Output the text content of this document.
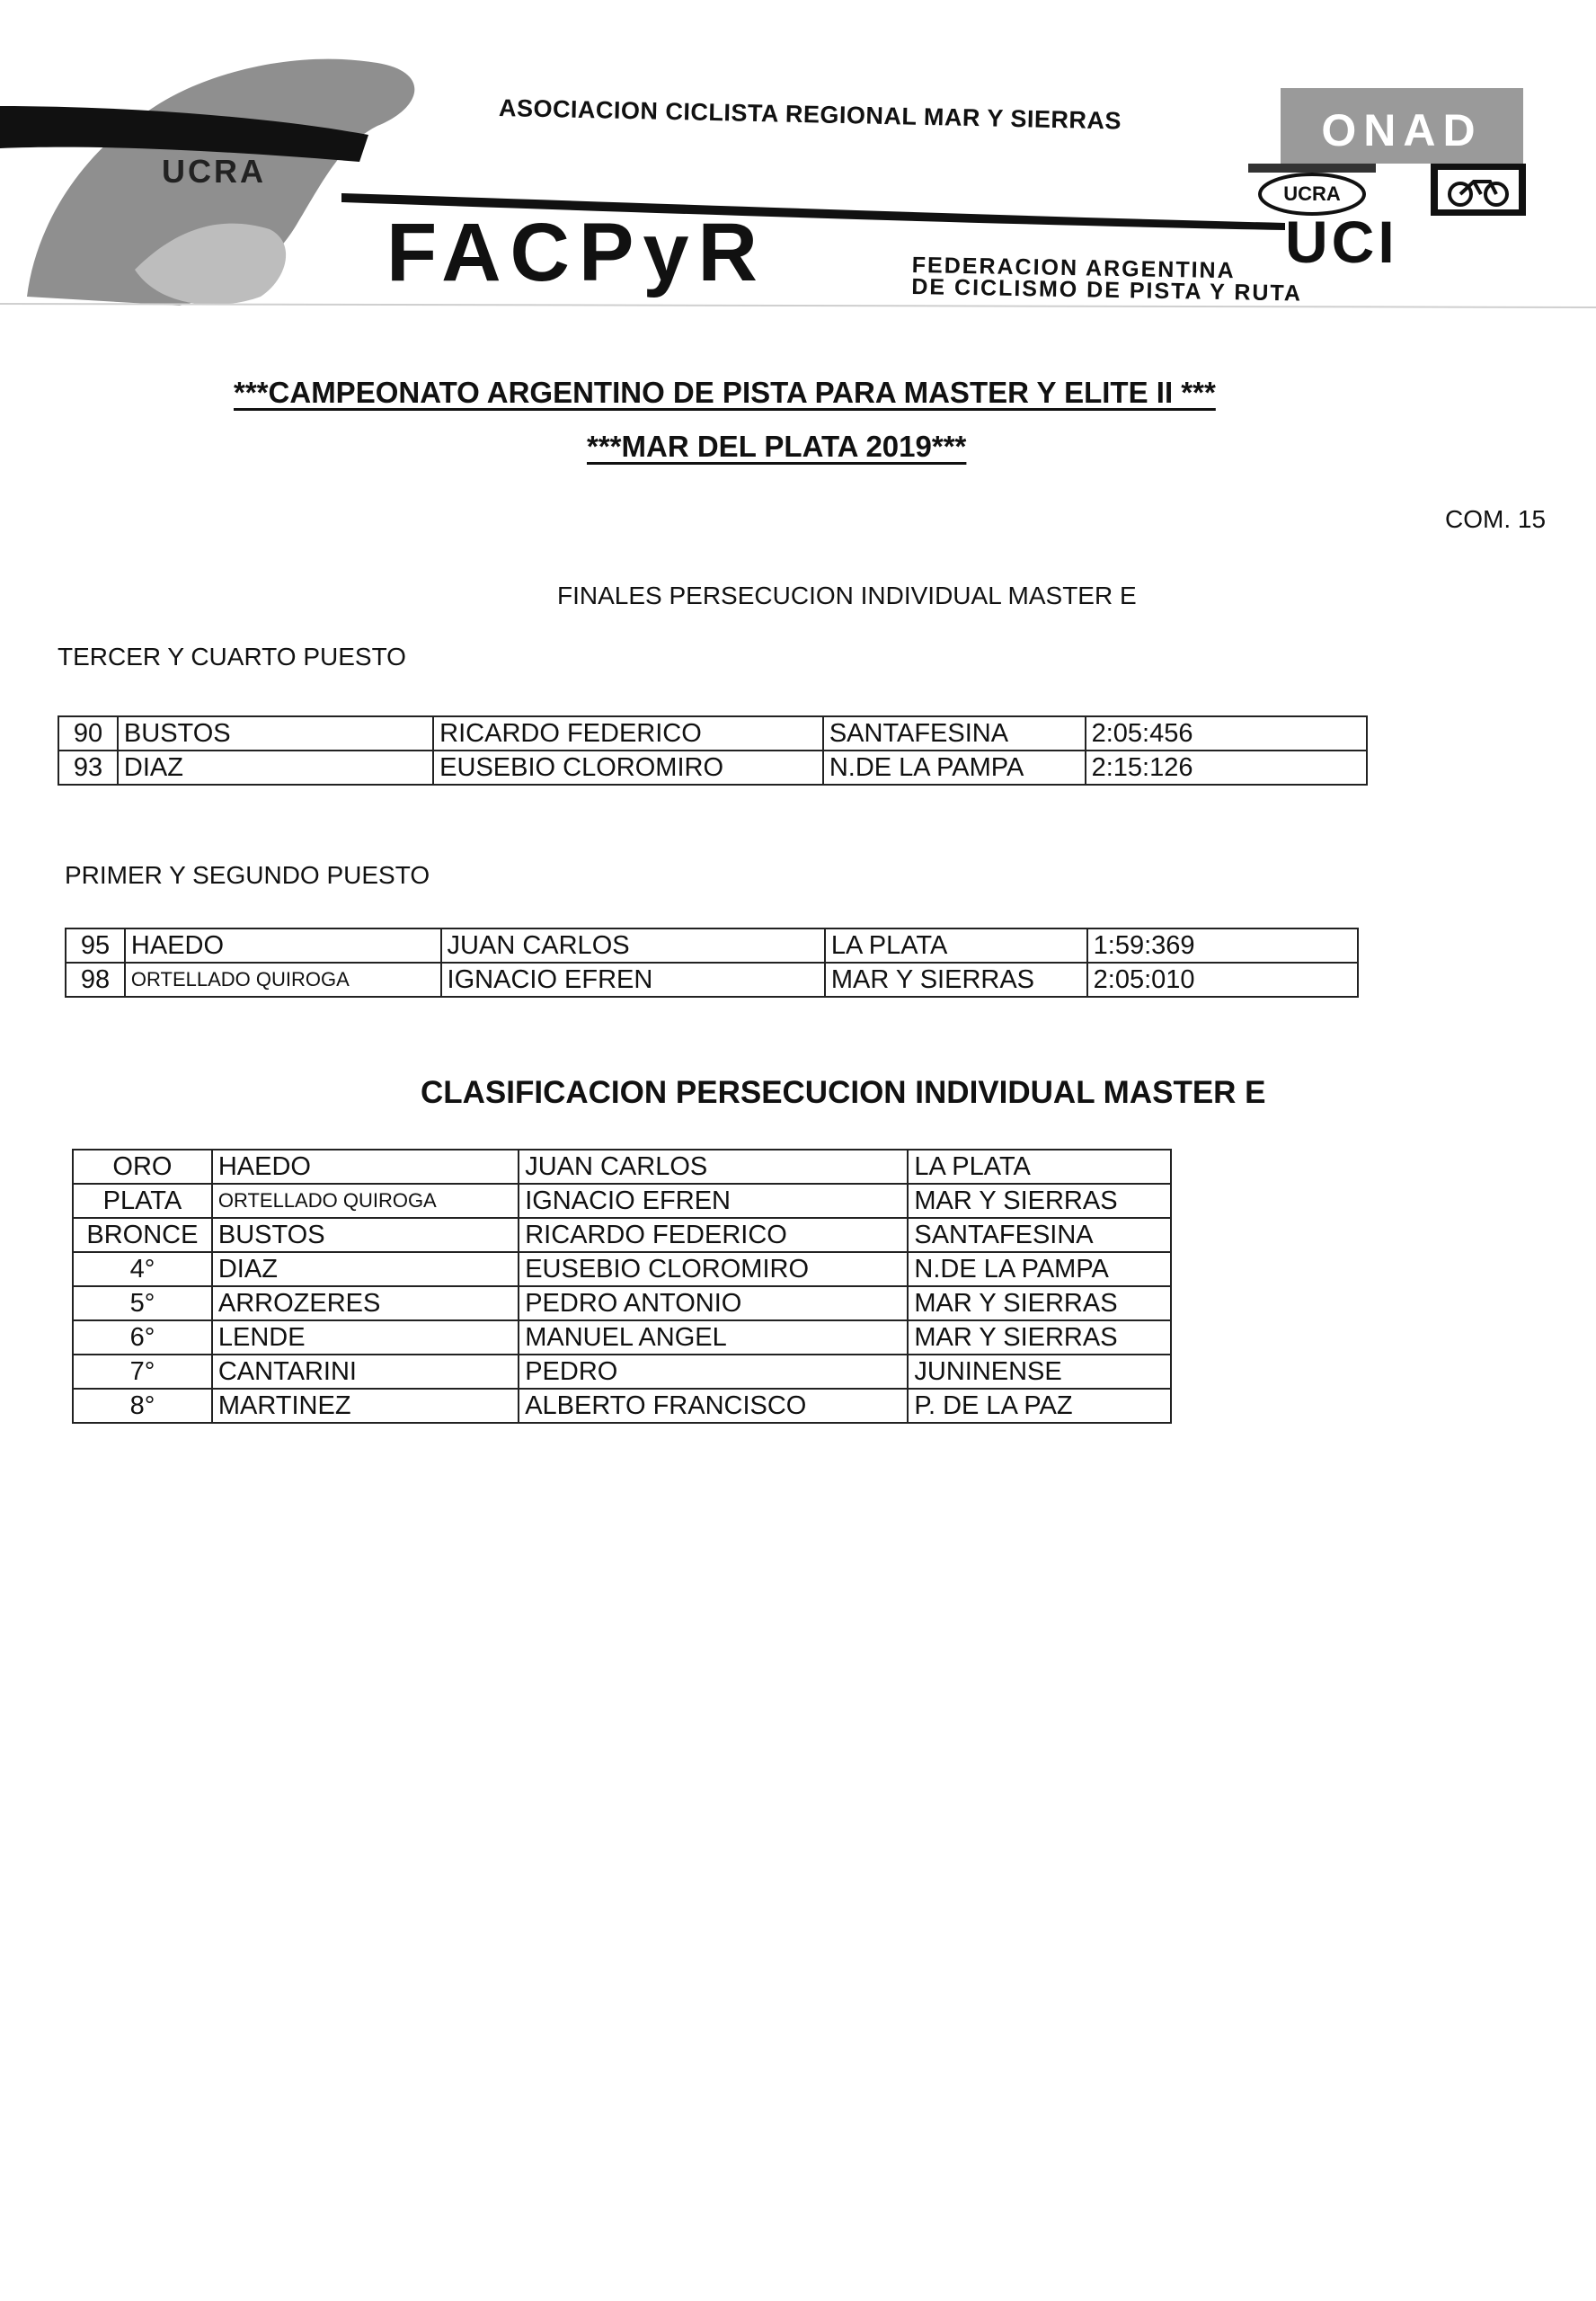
UCRA
ASOCIACION CICLISTA REGIONAL MAR Y SIERRAS
FACPyR	FEDERACION ARGENTINA
DE CICLISMO DE PISTA Y RUTA
ONAD
UCRA
UCI
***CAMPEONATO ARGENTINO DE PISTA PARA MASTER Y ELITE II ***
***MAR DEL PLATA 2019***
COM. 15
FINALES PERSECUCION INDIVIDUAL MASTER E
TERCER Y CUARTO PUESTO
90	BUSTOS	RICARDO FEDERICO	SANTAFESINA	2:05:456
93	DIAZ	EUSEBIO CLOROMIRO	N.DE LA PAMPA	2:15:126
PRIMER Y SEGUNDO PUESTO
95	HAEDO	JUAN CARLOS	LA PLATA	1:59:369
98	ORTELLADO QUIROGA	IGNACIO EFREN	MAR Y SIERRAS	2:05:010
CLASIFICACION PERSECUCION INDIVIDUAL MASTER E
ORO	HAEDO	JUAN CARLOS	LA PLATA
PLATA	ORTELLADO QUIROGA	IGNACIO EFREN	MAR Y SIERRAS
BRONCE	BUSTOS	RICARDO FEDERICO	SANTAFESINA
4°	DIAZ	EUSEBIO CLOROMIRO	N.DE LA PAMPA
5°	ARROZERES	PEDRO ANTONIO	MAR Y SIERRAS
6°	LENDE	MANUEL ANGEL	MAR Y SIERRAS
7°	CANTARINI	PEDRO	JUNINENSE
8°	MARTINEZ	ALBERTO FRANCISCO	P. DE LA PAZ
